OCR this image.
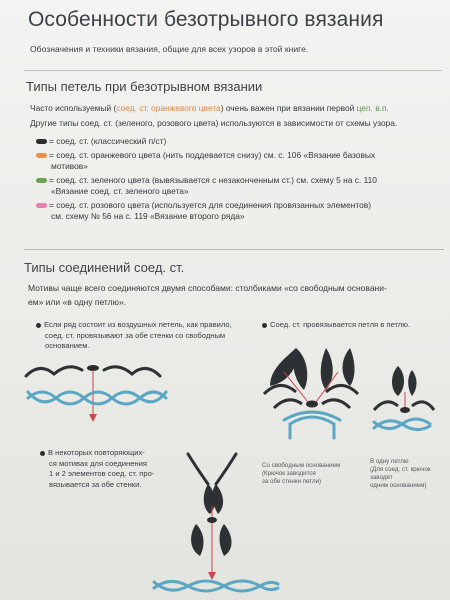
Особенности безотрывного вязания
Обозначения и техники вязания, общие для всех узоров в этой книге.
Типы петель при безотрывном вязании
Часто используемый (соед. ст. оранжевого цвета) очень важен при вязании первой цеп. в.п.
Другие типы соед. ст. (зеленого, розового цвета) используются в зависимости от схемы узора.
= соед. ст. (классический п/ст)
= соед. ст. оранжевого цвета (нить поддевается снизу) см. с. 106 «Вязание базовых
мотивов»
= соед. ст. зеленого цвета (вывязывается с незаконченным ст.) см. схему 5 на с. 110
«Вязание соед. ст. зеленого цвета»
= соед. ст. розового цвета (используется для соединения провязанных элементов)
см. схему № 56 на с. 119 «Вязание второго ряда»
Типы соединений соед. ст.
Мотивы чаще всего соединяются двумя способами: столбиками «со свободным основани-
ем» или «в одну петлю».
Если ряд состоит из воздушных петель, как правило,
соед. ст. провязывают за обе стенки со свободным
основанием.
Соед. ст. провязывается петля в петлю.
В некоторых повторяющих-
ся мотивах для соединения
1 и 2 элементов соед. ст. про-
вязывается за обе стенки.
Со свободным основанием
(Крючок заводится
за обе стенки петли)
В одну петлю
(Для соед. ст. крючок заводят
одним основанием)
